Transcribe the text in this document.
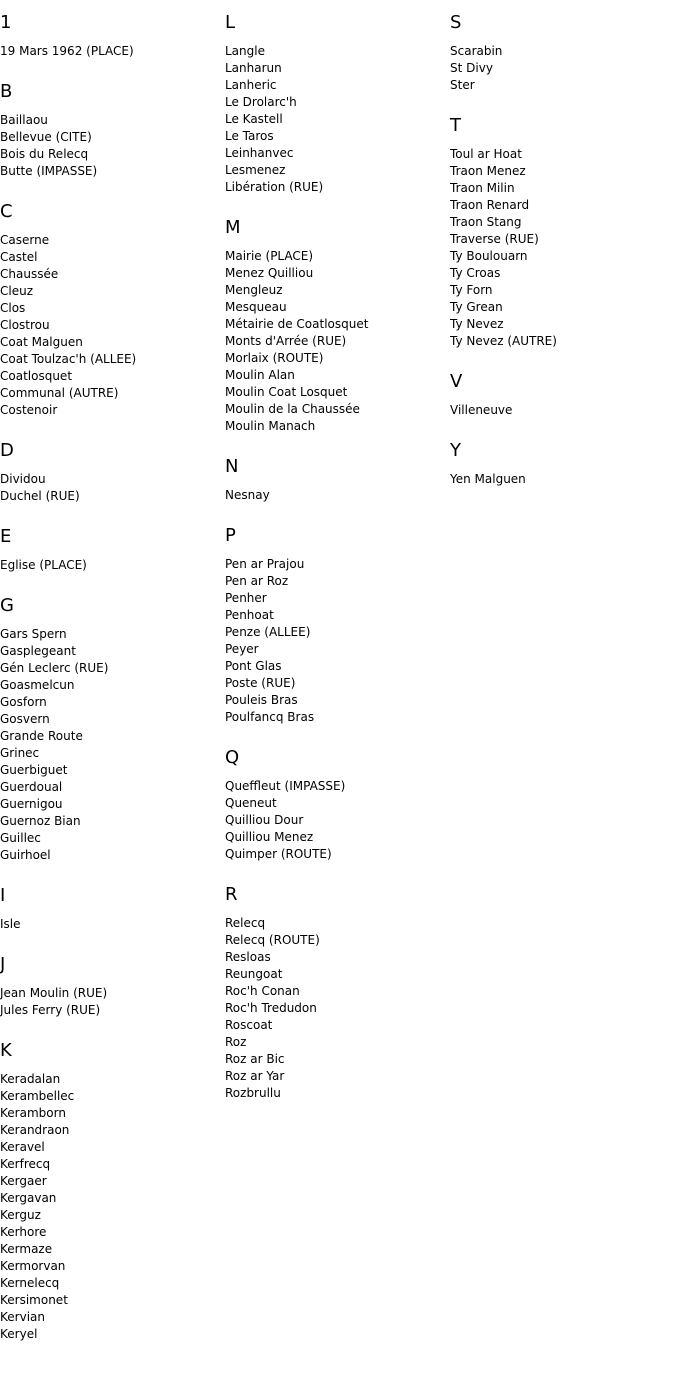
1
19 Mars 1962 (PLACE)
B
Baillaou
Bellevue (CITE)
Bois du Relecq
Butte (IMPASSE)
C
Caserne
Castel
Chaussée
Cleuz
Clos
Clostrou
Coat Malguen
Coat Toulzac'h (ALLEE)
Coatlosquet
Communal (AUTRE)
Costenoir
D
Dividou
Duchel (RUE)
E
Eglise (PLACE)
G
Gars Spern
Gasplegeant
Gén Leclerc (RUE)
Goasmelcun
Gosforn
Gosvern
Grande Route
Grinec
Guerbiguet
Guerdoual
Guernigou
Guernoz Bian
Guillec
Guirhoel
I
Isle
J
Jean Moulin (RUE)
Jules Ferry (RUE)
K
Keradalan
Kerambellec
Keramborn
Kerandraon
Keravel
Kerfrecq
Kergaer
Kergavan
Kerguz
Kerhore
Kermaze
Kermorvan
Kernelecq
Kersimonet
Kervian
Keryel
L
Langle
Lanharun
Lanheric
Le Drolarc'h
Le Kastell
Le Taros
Leinhanvec
Lesmenez
Libération (RUE)
M
Mairie (PLACE)
Menez Quilliou
Mengleuz
Mesqueau
Métairie de Coatlosquet
Monts d'Arrée (RUE)
Morlaix (ROUTE)
Moulin Alan
Moulin Coat Losquet
Moulin de la Chaussée
Moulin Manach
N
Nesnay
P
Pen ar Prajou
Pen ar Roz
Penher
Penhoat
Penze (ALLEE)
Peyer
Pont Glas
Poste (RUE)
Pouleis Bras
Poulfancq Bras
Q
Queffleut (IMPASSE)
Queneut
Quilliou Dour
Quilliou Menez
Quimper (ROUTE)
R
Relecq
Relecq (ROUTE)
Resloas
Reungoat
Roc'h Conan
Roc'h Tredudon
Roscoat
Roz
Roz ar Bic
Roz ar Yar
Rozbrullu
S
Scarabin
St Divy
Ster
T
Toul ar Hoat
Traon Menez
Traon Milin
Traon Renard
Traon Stang
Traverse (RUE)
Ty Boulouarn
Ty Croas
Ty Forn
Ty Grean
Ty Nevez
Ty Nevez (AUTRE)
V
Villeneuve
Y
Yen Malguen
